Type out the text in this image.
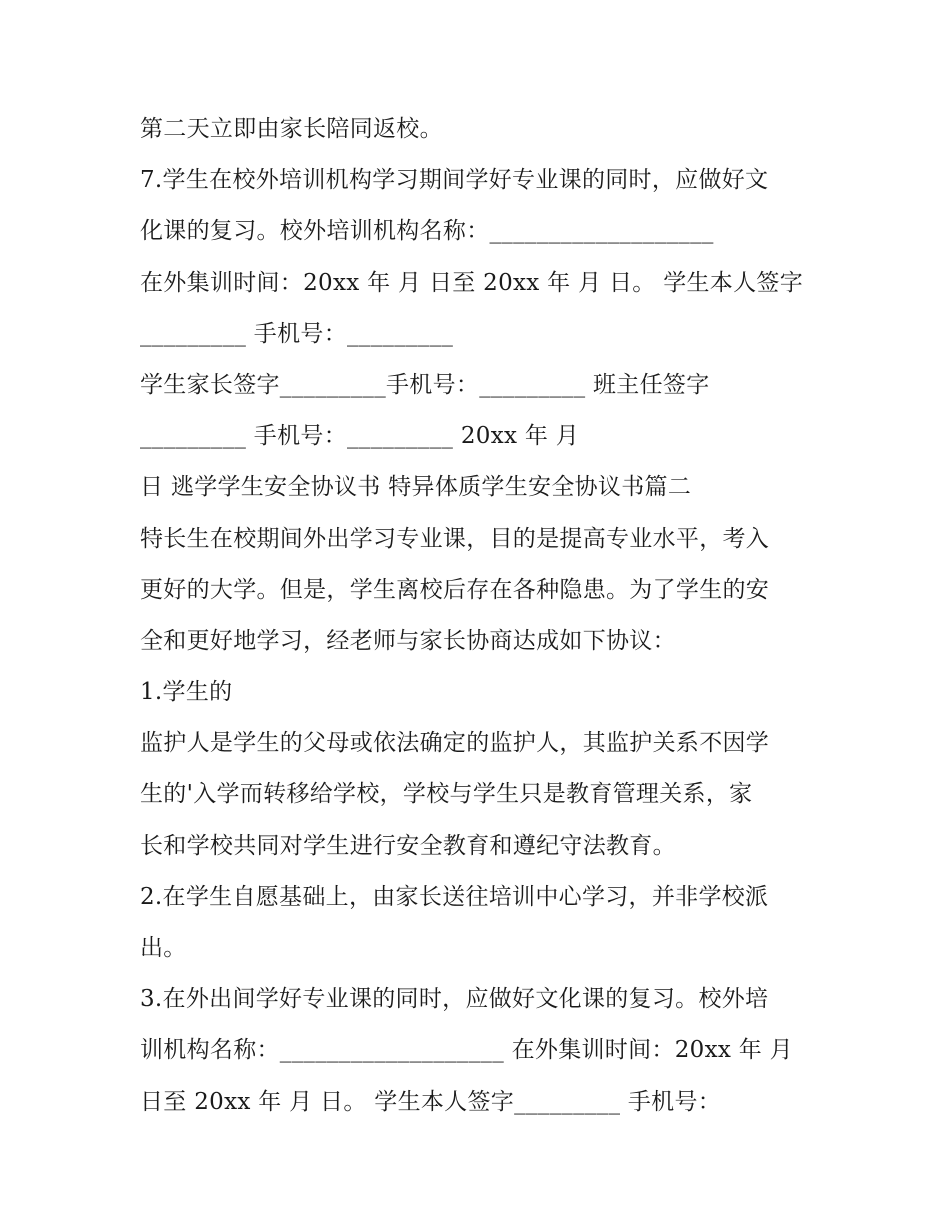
第二天立即由家长陪同返校。
7.学生在校外培训机构学习期间学好专业课的同时，应做好文
化课的复习。校外培训机构名称：___________________
在外集训时间：20xx 年 月 日至 20xx 年 月 日。 学生本人签字
_________ 手机号：_________
学生家长签字_________手机号：_________ 班主任签字
_________ 手机号：_________ 20xx 年 月
日 逃学学生安全协议书 特异体质学生安全协议书篇二
特长生在校期间外出学习专业课，目的是提高专业水平，考入
更好的大学。但是，学生离校后存在各种隐患。为了学生的安
全和更好地学习，经老师与家长协商达成如下协议：
1.学生的
监护人是学生的父母或依法确定的监护人，其监护关系不因学
生的'入学而转移给学校，学校与学生只是教育管理关系，家
长和学校共同对学生进行安全教育和遵纪守法教育。
2.在学生自愿基础上，由家长送往培训中心学习，并非学校派
出。
3.在外出间学好专业课的同时，应做好文化课的复习。校外培
训机构名称：___________________ 在外集训时间：20xx 年 月
日至 20xx 年 月 日。 学生本人签字_________ 手机号：
